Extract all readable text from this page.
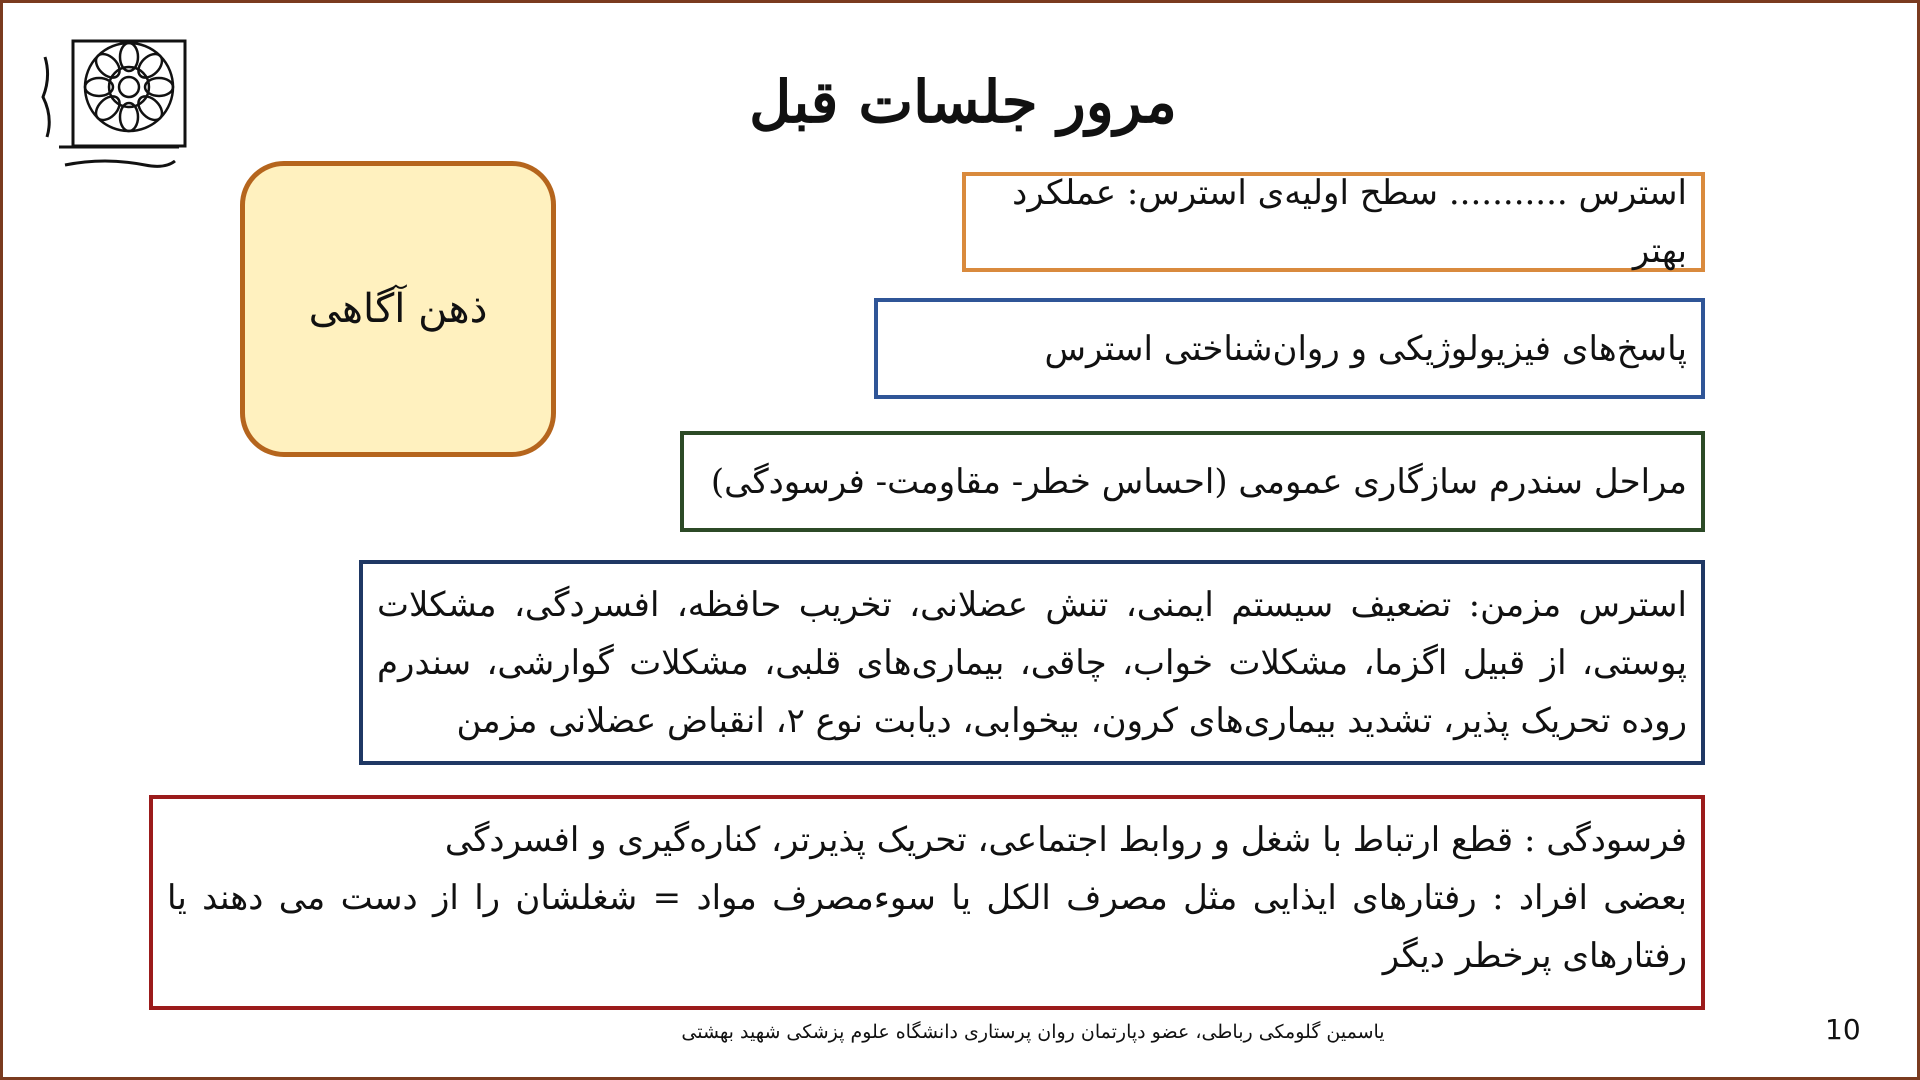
مرور جلسات قبل
ذهن آگاهی
استرس ........... سطح اولیه‌ی استرس: عملکرد بهتر
پاسخ‌های فیزیولوژیکی و روان‌شناختی استرس
مراحل سندرم سازگاری عمومی (احساس خطر- مقاومت- فرسودگی)
استرس مزمن: تضعیف سیستم ایمنی، تنش عضلانی، تخریب حافظه، افسردگی، مشکلات پوستی، از قبیل اگزما، مشکلات خواب، چاقی، بیماری‌های قلبی، مشکلات گوارشی، سندرم روده تحریک پذیر، تشدید بیماری‌های کرون، بیخوابی، دیابت نوع ۲، انقباض عضلانی مزمن
فرسودگی : قطع ارتباط با شغل و روابط اجتماعی، تحریک پذیرتر، کناره‌گیری و افسردگی
بعضی افراد : رفتارهای ایذایی مثل مصرف الکل یا سوءمصرف مواد = شغلشان را از دست می دهند یا رفتارهای پرخطر دیگر
یاسمین گلومکی رباطی، عضو دپارتمان روان پرستاری دانشگاه علوم پزشکی شهید بهشتی	10
